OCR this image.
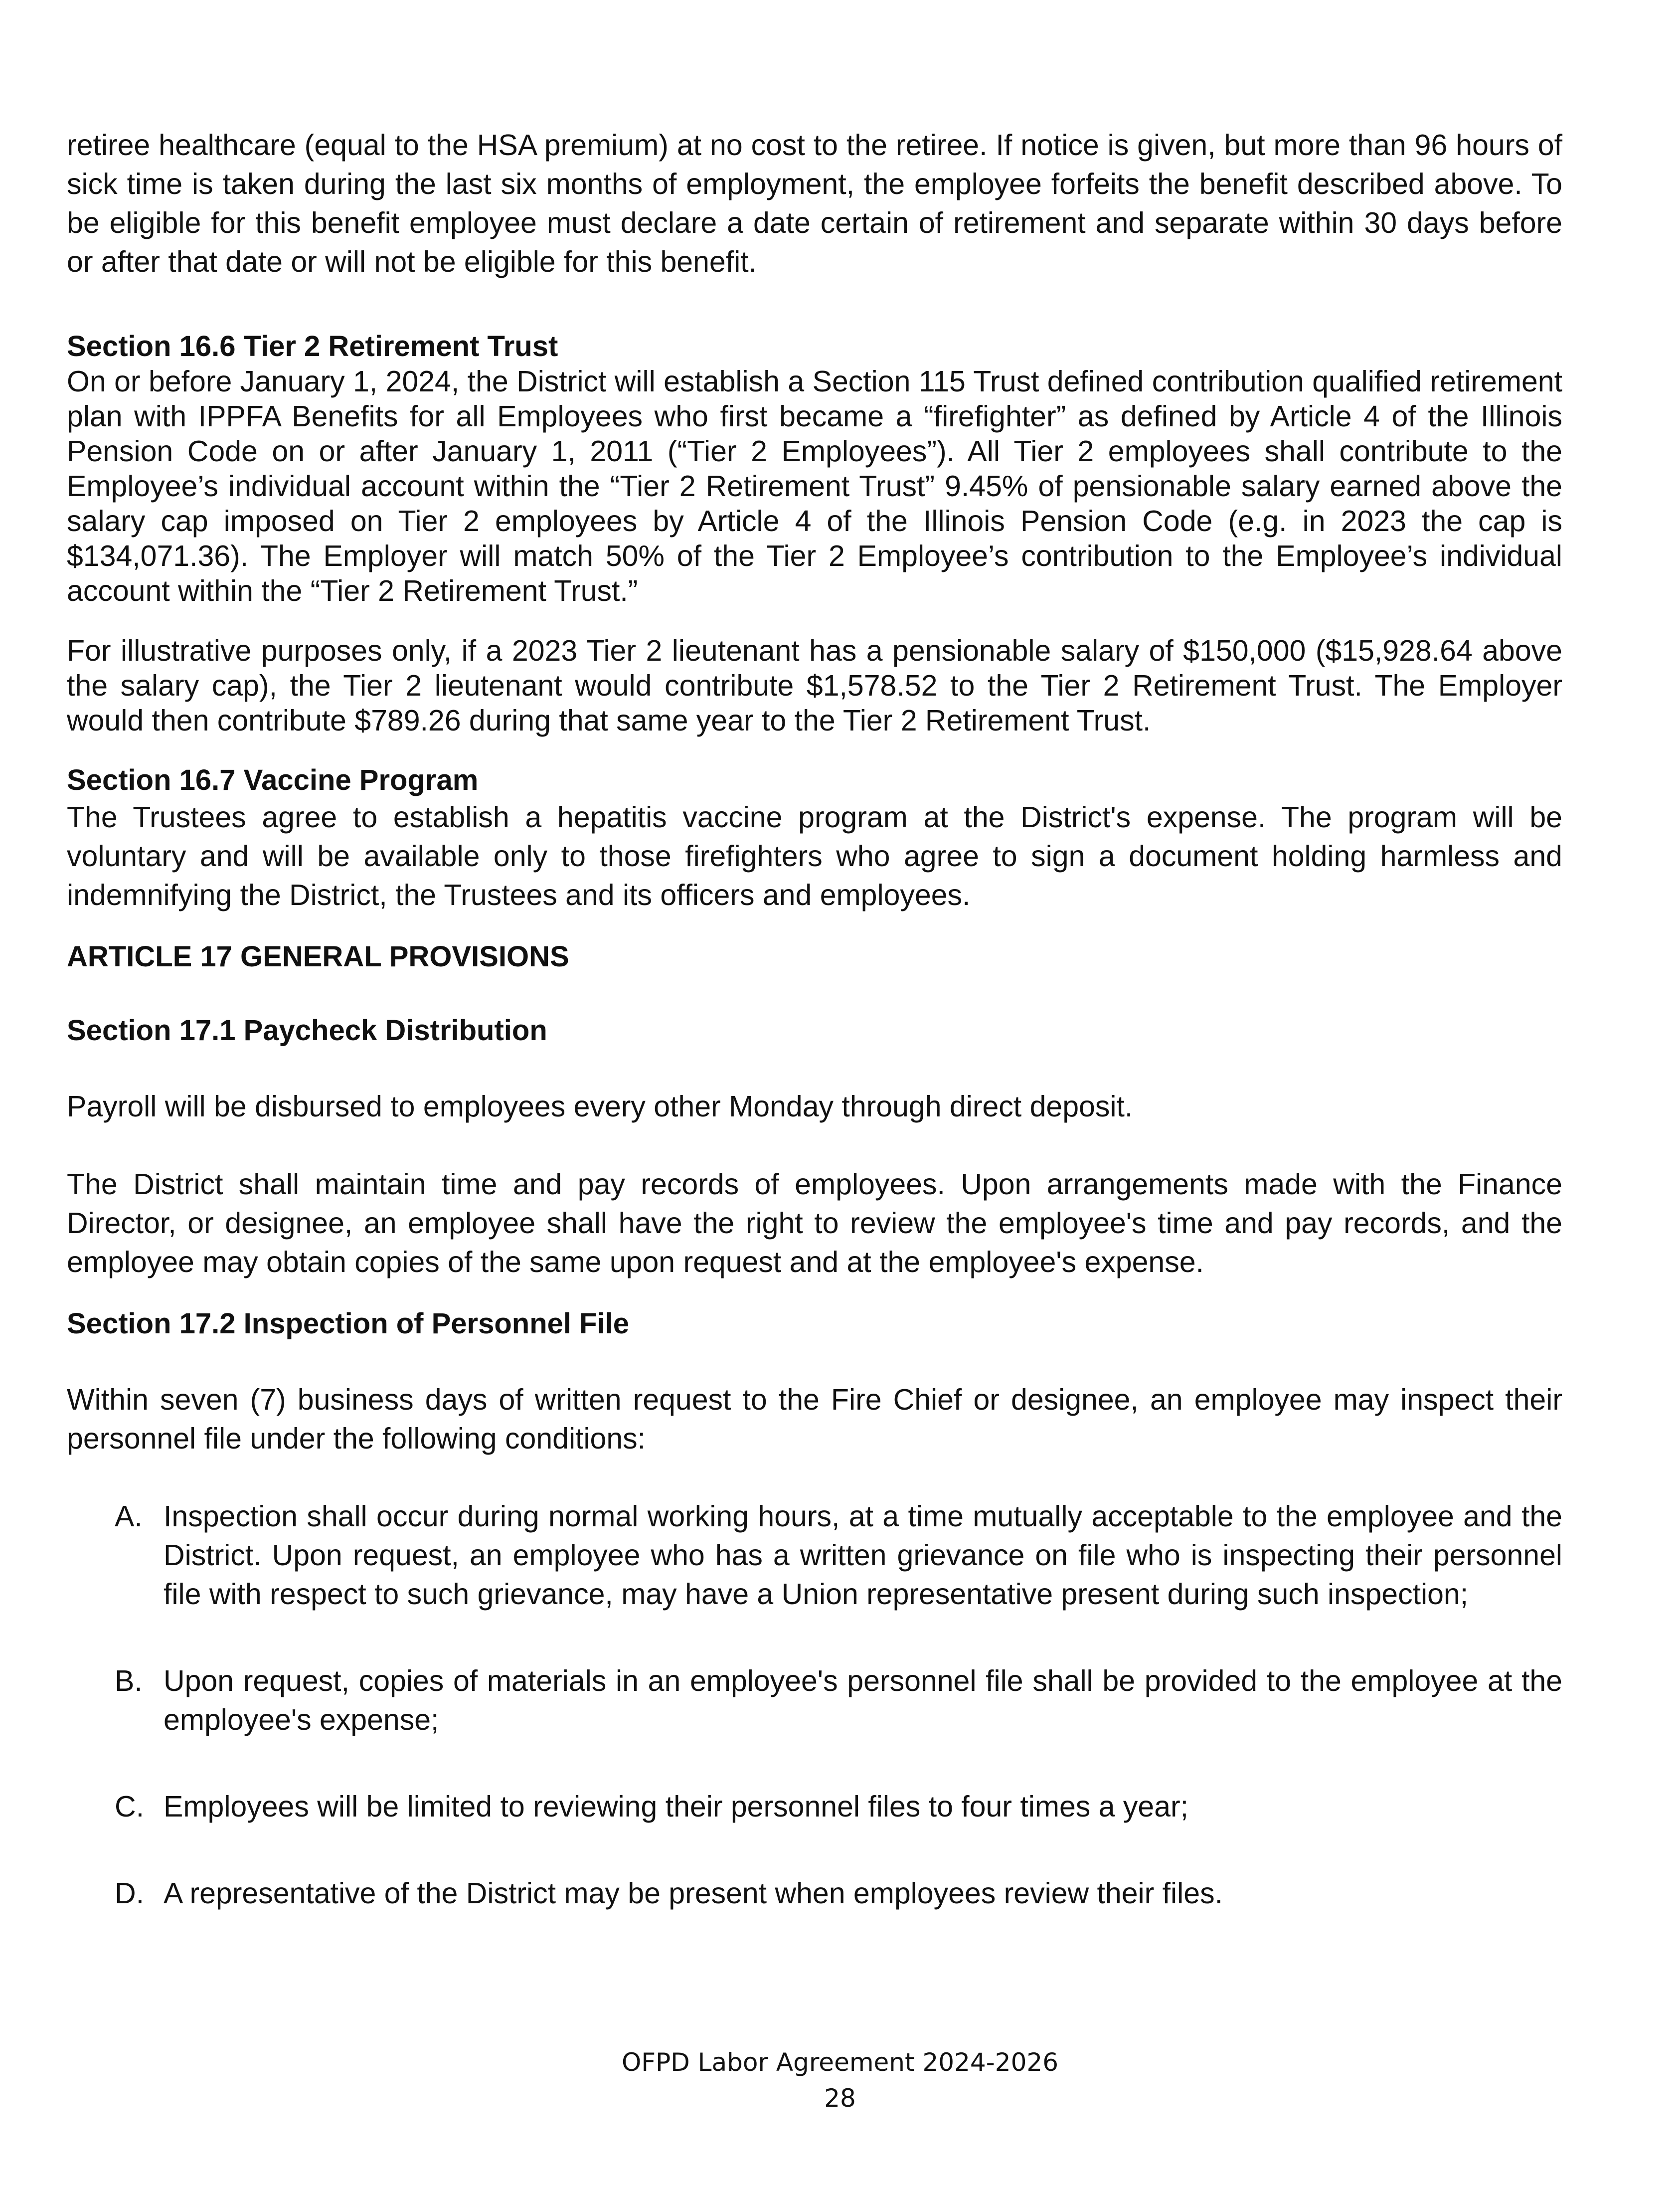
retiree healthcare (equal to the HSA premium) at no cost to the retiree. If notice is given, but more than 96 hours of sick time is taken during the last six months of employment, the employee forfeits the benefit described above. To be eligible for this benefit employee must declare a date certain of retirement and separate within 30 days before or after that date or will not be eligible for this benefit.

Section 16.6 Tier 2 Retirement Trust

On or before January 1, 2024, the District will establish a Section 115 Trust defined contribution qualified retirement plan with IPPFA Benefits for all Employees who first became a “firefighter” as defined by Article 4 of the Illinois Pension Code on or after January 1, 2011 (“Tier 2 Employees”). All Tier 2 employees shall contribute to the Employee’s individual account within the “Tier 2 Retirement Trust” 9.45% of pensionable salary earned above the salary cap imposed on Tier 2 employees by Article 4 of the Illinois Pension Code (e.g. in 2023 the cap is $134,071.36). The Employer will match 50% of the Tier 2 Employee’s contribution to the Employee’s individual account within the “Tier 2 Retirement Trust.”

For illustrative purposes only, if a 2023 Tier 2 lieutenant has a pensionable salary of $150,000 ($15,928.64 above the salary cap), the Tier 2 lieutenant would contribute $1,578.52 to the Tier 2 Retirement Trust. The Employer would then contribute $789.26 during that same year to the Tier 2 Retirement Trust.

Section 16.7 Vaccine Program

The Trustees agree to establish a hepatitis vaccine program at the District's expense. The program will be voluntary and will be available only to those firefighters who agree to sign a document holding harmless and indemnifying the District, the Trustees and its officers and employees.

ARTICLE 17 GENERAL PROVISIONS

Section 17.1 Paycheck Distribution

Payroll will be disbursed to employees every other Monday through direct deposit.

The District shall maintain time and pay records of employees. Upon arrangements made with the Finance Director, or designee, an employee shall have the right to review the employee's time and pay records, and the employee may obtain copies of the same upon request and at the employee's expense.

Section 17.2 Inspection of Personnel File

Within seven (7) business days of written request to the Fire Chief or designee, an employee may inspect their personnel file under the following conditions:

A. Inspection shall occur during normal working hours, at a time mutually acceptable to the employee and the District. Upon request, an employee who has a written grievance on file who is inspecting their personnel file with respect to such grievance, may have a Union representative present during such inspection;
B. Upon request, copies of materials in an employee's personnel file shall be provided to the employee at the employee's expense;
C. Employees will be limited to reviewing their personnel files to four times a year;
D. A representative of the District may be present when employees review their files.
OFPD Labor Agreement 2024-2026
28
